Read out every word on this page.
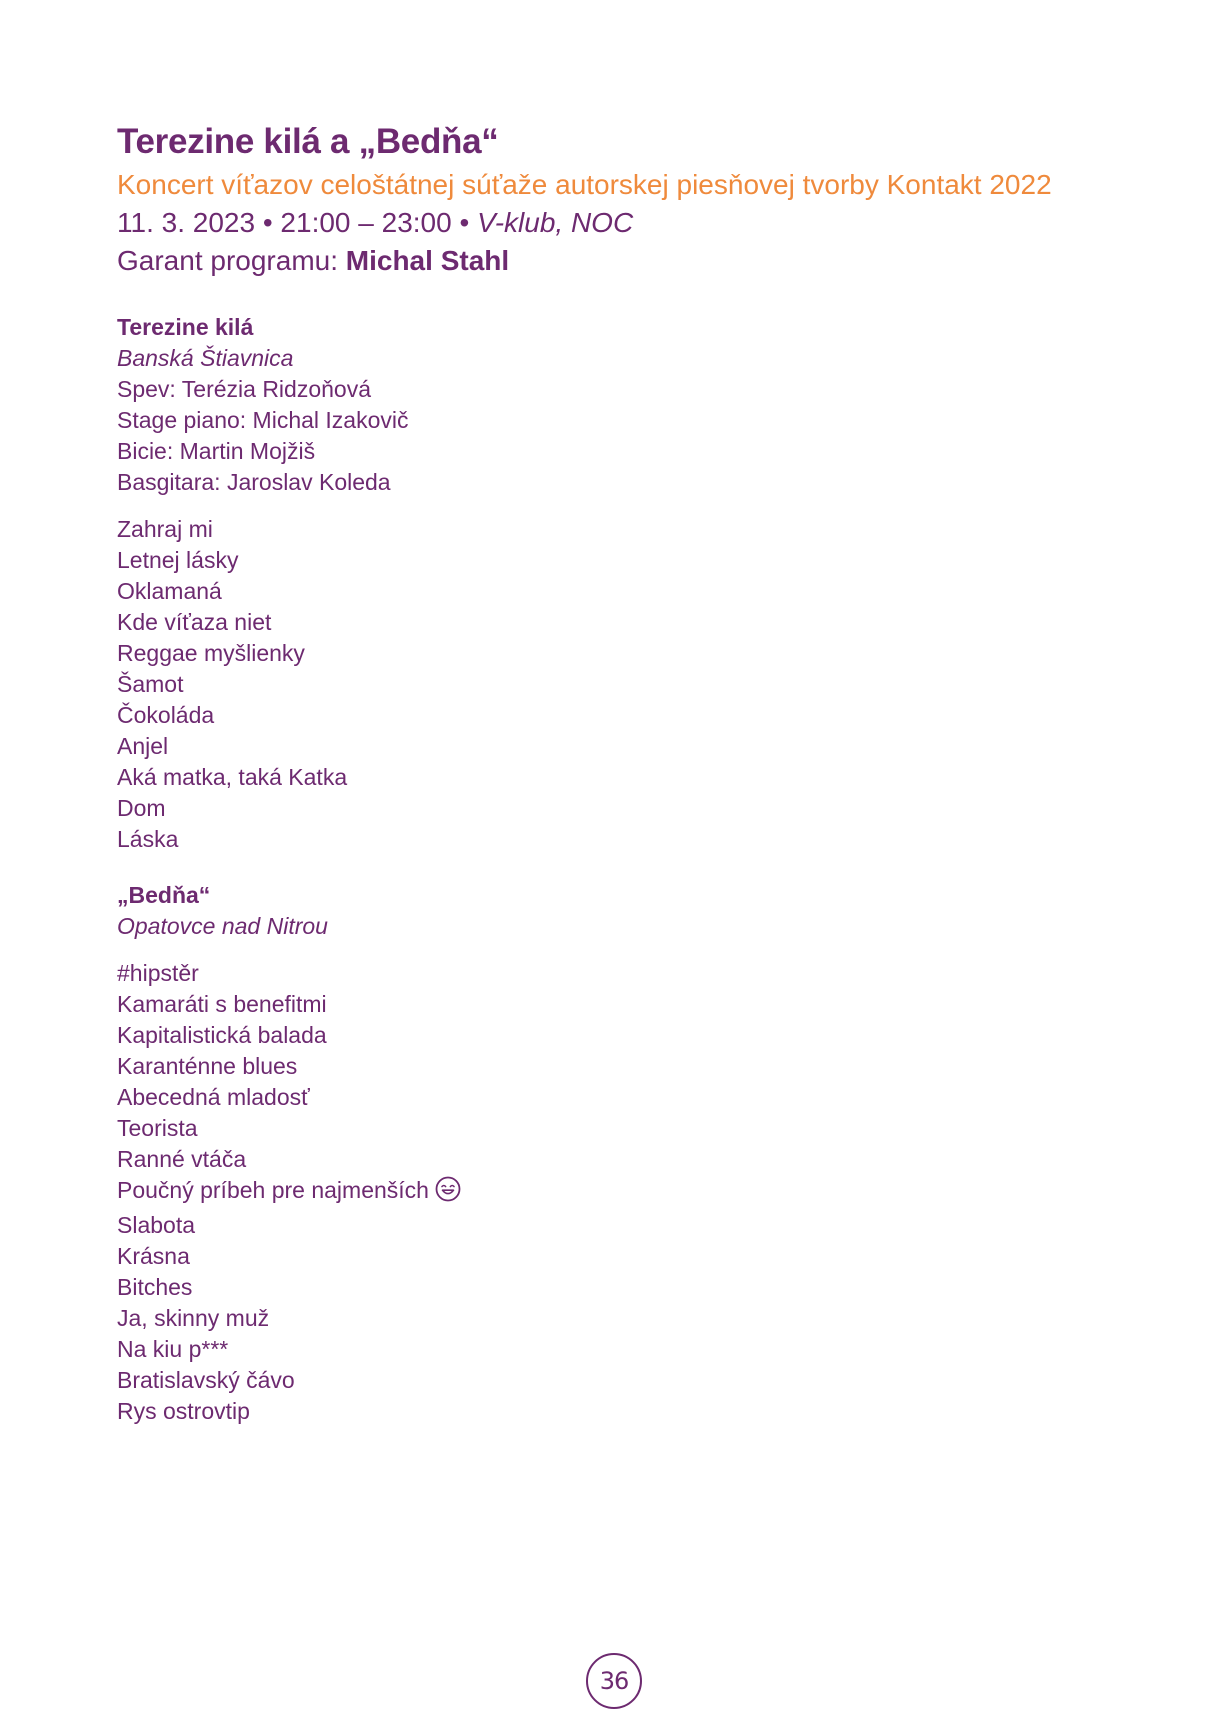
Terezine kilá a „Bedňa“

Koncert víťazov celoštátnej súťaže autorskej piesňovej tvorby Kontakt 2022

11. 3. 2023 • 21:00 – 23:00 • V-klub, NOC

Garant programu: Michal Stahl

Terezine kilá

Banská Štiavnica

Spev: Terézia Ridzoňová

Stage piano: Michal Izakovič

Bicie: Martin Mojžiš

Basgitara: Jaroslav Koleda

Zahraj mi

Letnej lásky

Oklamaná

Kde víťaza niet

Reggae myšlienky

Šamot

Čokoláda

Anjel

Aká matka, taká Katka

Dom

Láska

„Bedňa“

Opatovce nad Nitrou

#hipstěr

Kamaráti s benefitmi

Kapitalistická balada

Karanténne blues

Abecedná mladosť

Teorista

Ranné vtáča

Poučný príbeh pre najmenších

Slabota

Krásna

Bitches

Ja, skinny muž

Na kiu p***

Bratislavský čávo

Rys ostrovtip

36
